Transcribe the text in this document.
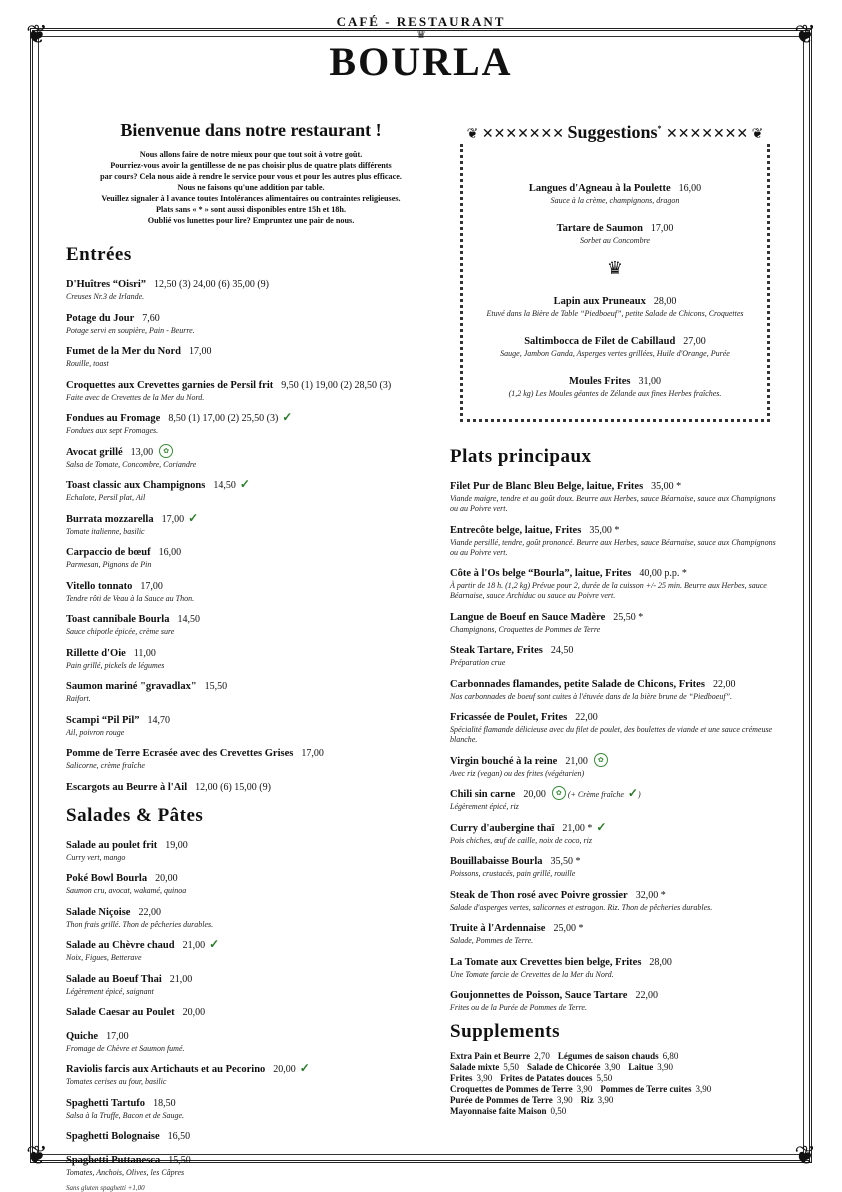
❦	❦
❦	❦
CAFÉ - RESTAURANT
♛
BOURLA
Bienvenue dans notre restaurant !
Nous allons faire de notre mieux pour que tout soit à votre goût.
Pourriez-vous avoir la gentillesse de ne pas choisir plus de quatre plats différents
par cours? Cela nous aide à rendre le service pour vous et pour les autres plus efficace.
Nous ne faisons qu'une addition par table.
Veuillez signaler à l avance toutes Intolérances alimentaires ou contraintes religieuses.
Plats sans « * » sont aussi disponibles entre 15h et 18h.
Oublié vos lunettes pour lire? Empruntez une pair de nous.
Entrées
D'Huîtres “Oisri” 12,50 (3) 24,00 (6) 35,00 (9)
Creuses Nr.3 de Irlande.
Potage du Jour 7,60
Potage servi en soupière, Pain - Beurre.
Fumet de la Mer du Nord 17,00
Rouille, toast
Croquettes aux Crevettes garnies de Persil frit 9,50 (1) 19,00 (2) 28,50 (3)
Faite avec de Crevettes de la Mer du Nord.
Fondues au Fromage 8,50 (1) 17,00 (2) 25,50 (3) ✓
Fondues aux sept Fromages.
Avocat grillé 13,00 ✿
Salsa de Tomate, Concombre, Coriandre
Toast classic aux Champignons 14,50 ✓
Echalote, Persil plat, Ail
Burrata mozzarella 17,00 ✓
Tomate italienne, basilic
Carpaccio de bœuf 16,00
Parmesan, Pignons de Pin
Vitello tonnato 17,00
Tendre rôti de Veau à la Sauce au Thon.
Toast cannibale Bourla 14,50
Sauce chipotle épicée, crème sure
Rillette d'Oie 11,00
Pain grillé, pickels de légumes
Saumon mariné "gravadlax" 15,50
Raifort.
Scampi “Pil Pil” 14,70
Ail, poivron rouge
Pomme de Terre Ecrasée avec des Crevettes Grises 17,00
Salicorne, crème fraîche
Escargots au Beurre à l'Ail 12,00 (6) 15,00 (9)
Salades & Pâtes
Salade au poulet frit 19,00
Curry vert, mango
Poké Bowl Bourla 20,00
Saumon cru, avocat, wakamé, quinoa
Salade Niçoise 22,00
Thon frais grillé. Thon de pêcheries durables.
Salade au Chèvre chaud 21,00 ✓
Noix, Figues, Betterave
Salade au Boeuf Thai 21,00
Légèrement épicé, saignant
Salade Caesar au Poulet 20,00
Quiche 17,00
Fromage de Chèvre et Saumon fumé.
Raviolis farcis aux Artichauts et au Pecorino 20,00 ✓
Tomates cerises au four, basilic
Spaghetti Tartufo 18,50
Salsa à la Truffe, Bacon et de Sauge.
Spaghetti Bolognaise 16,50
Spaghetti Puttanesca 15,50
Tomates, Anchois, Olives, les Câpres
Sans gluten spaghetti +1,00
❦ ✕✕✕✕✕✕✕ Suggestions* ✕✕✕✕✕✕✕ ❦
Langues d'Agneau à la Poulette 16,00
Sauce à la crème, champignons, dragon
Tartare de Saumon 17,00
Sorbet au Concombre
♛
Lapin aux Pruneaux 28,00
Etuvé dans la Bière de Table “Piedboeuf”, petite Salade de Chicons, Croquettes
Saltimbocca de Filet de Cabillaud 27,00
Sauge, Jambon Ganda, Asperges vertes grillées, Huile d'Orange, Purée
Moules Frites 31,00
(1,2 kg) Les Moules géantes de Zélande aux fines Herbes fraîches.
Plats principaux
Filet Pur de Blanc Bleu Belge, laitue, Frites 35,00 *
Viande maigre, tendre et au goût doux. Beurre aux Herbes, sauce Béarnaise, sauce aux Champignons ou au Poivre vert.
Entrecôte belge, laitue, Frites 35,00 *
Viande persillé, tendre, goût prononcé. Beurre aux Herbes, sauce Béarnaise, sauce aux Champignons ou au Poivre vert.
Côte à l'Os belge “Bourla”, laitue, Frites 40,00 p.p. *
À partir de 18 h. (1,2 kg) Prévue pour 2, durée de la cuisson +/- 25 min. Beurre aux Herbes, sauce Béarnaise, sauce Archiduc ou sauce au Poivre vert.
Langue de Boeuf en Sauce Madère 25,50 *
Champignons, Croquettes de Pommes de Terre
Steak Tartare, Frites 24,50
Préparation crue
Carbonnades flamandes, petite Salade de Chicons, Frites 22,00
Nos carbonnades de boeuf sont cuites à l'étuvée dans de la bière brune de “Piedboeuf”.
Fricassée de Poulet, Frites 22,00
Spécialité flamande délicieuse avec du filet de poulet, des boulettes de viande et une sauce crémeuse blanche.
Virgin bouché à la reine 21,00 ✿
Avec riz (vegan) ou des frites (végétarien)
Chili sin carne 20,00 ✿ (+ Crème fraîche ✓)
Légèrement épicé, riz
Curry d'aubergine thaï 21,00 * ✓
Pois chiches, œuf de caille, noix de coco, riz
Bouillabaisse Bourla 35,50 *
Poissons, crustacés, pain grillé, rouille
Steak de Thon rosé avec Poivre grossier 32,00 *
Salade d'asperges vertes, salicornes et estragon. Riz. Thon de pêcheries durables.
Truite à l'Ardennaise 25,00 *
Salade, Pommes de Terre.
La Tomate aux Crevettes bien belge, Frites 28,00
Une Tomate farcie de Crevettes de la Mer du Nord.
Goujonnettes de Poisson, Sauce Tartare 22,00
Frites ou de la Purée de Pommes de Terre.
Supplements
Extra Pain et Beurre 2,70 Légumes de saison chauds 6,80
Salade mixte 5,50 Salade de Chicorée 3,90 Laitue 3,90
Frites 3,90 Frites de Patates douces 5,50
Croquettes de Pommes de Terre 3,90 Pommes de Terre cuites 3,90
Purée de Pommes de Terre 3,90 Riz 3,90
Mayonnaise faite Maison 0,50
